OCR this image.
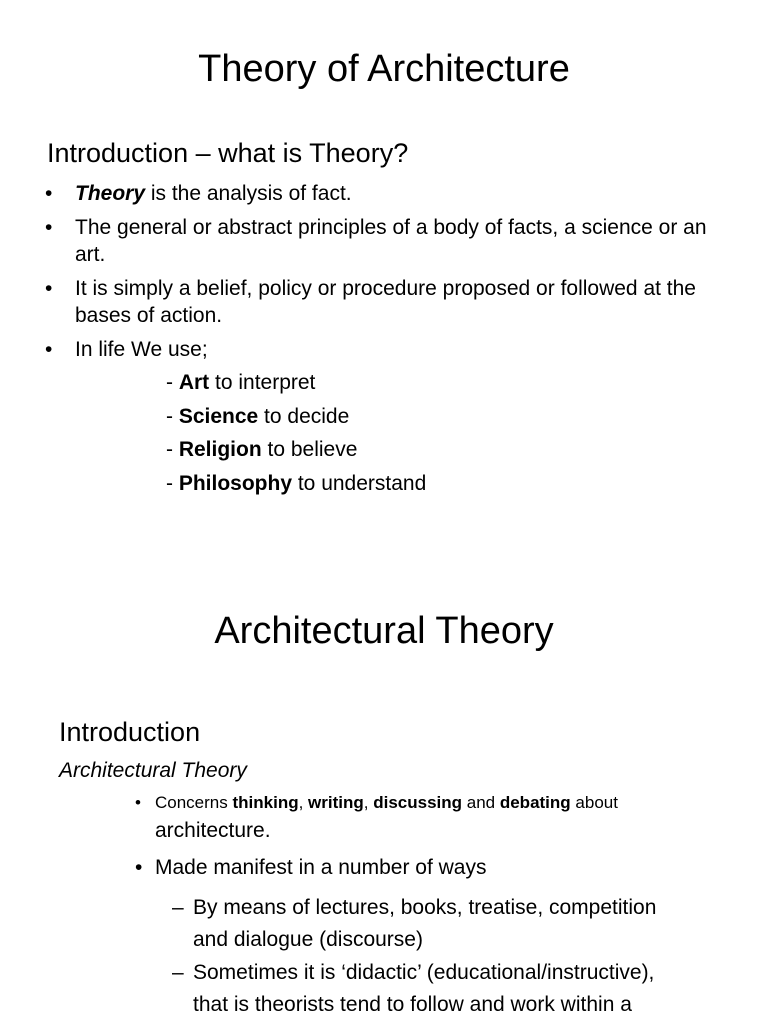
Theory of Architecture
Introduction – what is Theory?
• Theory is the analysis of fact.
• The general or abstract principles of a body of facts, a science or an art.
• It is simply a belief, policy or procedure proposed or followed at the bases of action.
• In life We use;
- Art to interpret
- Science to decide
- Religion to believe
- Philosophy to understand
Architectural Theory
Introduction
Architectural Theory
• Concerns thinking, writing, discussing and debating about
architecture.
• Made manifest in a number of ways
– By means of lectures, books, treatise, competition
and dialogue (discourse)
– Sometimes it is ‘didactic’ (educational/instructive),
that is theorists tend to follow and work within a
